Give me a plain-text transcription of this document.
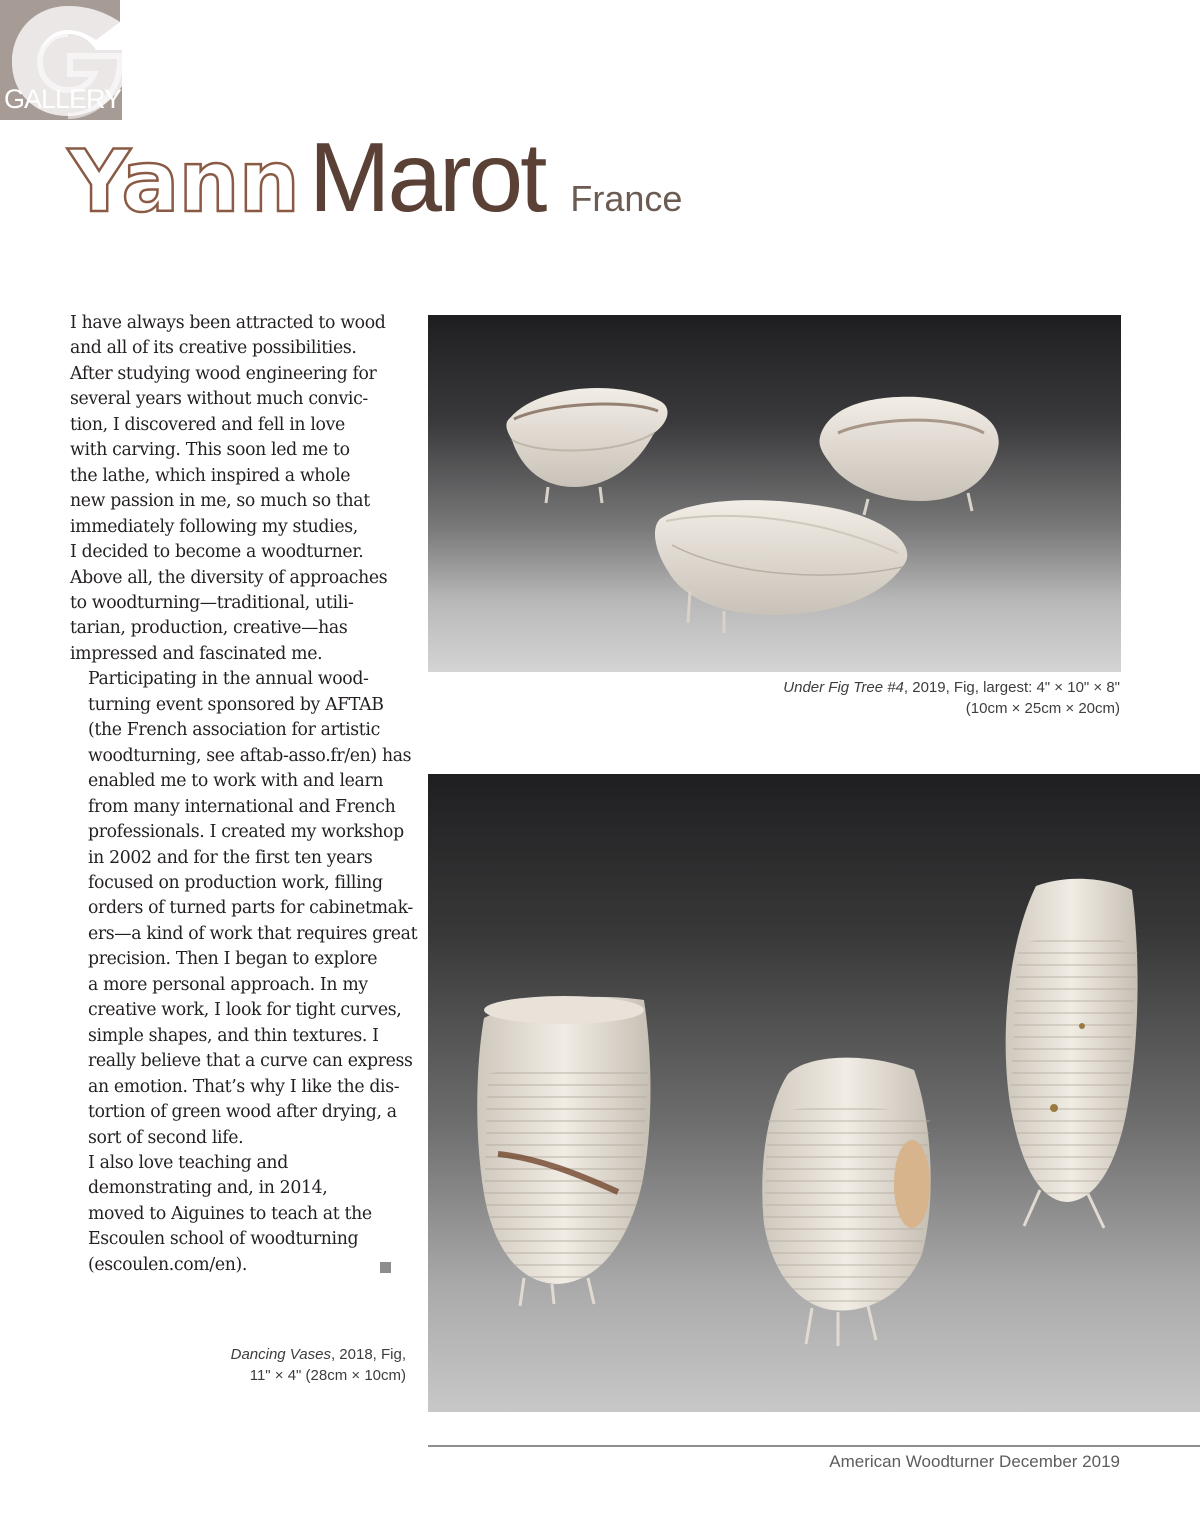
GALLERY
Yann Marot France

I have always been attracted to wood
and all of its creative possibilities.
After studying wood engineering for
several years without much convic-
tion, I discovered and fell in love
with carving. This soon led me to
the lathe, which inspired a whole
new passion in me, so much so that
immediately following my studies,
I decided to become a woodturner.
Above all, the diversity of approaches
to woodturning—traditional, utili-
tarian, production, creative—has
impressed and fascinated me.

Participating in the annual wood-
turning event sponsored by AFTAB
(the French association for artistic
woodturning, see aftab-asso.fr/en) has
enabled me to work with and learn
from many international and French
professionals. I created my workshop
in 2002 and for the first ten years
focused on production work, filling
orders of turned parts for cabinetmak-
ers—a kind of work that requires great
precision. Then I began to explore
a more personal approach. In my
creative work, I look for tight curves,
simple shapes, and thin textures. I
really believe that a curve can express
an emotion. That’s why I like the dis-
tortion of green wood after drying, a
sort of second life.

I also love teaching and
demonstrating and, in 2014,
moved to Aiguines to teach at the
Escoulen school of woodturning
(escoulen.com/en).

Under Fig Tree #4, 2019, Fig, largest: 4" × 10" × 8"
(10cm × 25cm × 20cm)
Dancing Vases, 2018, Fig,
11" × 4" (28cm × 10cm)
American Woodturner December 2019
